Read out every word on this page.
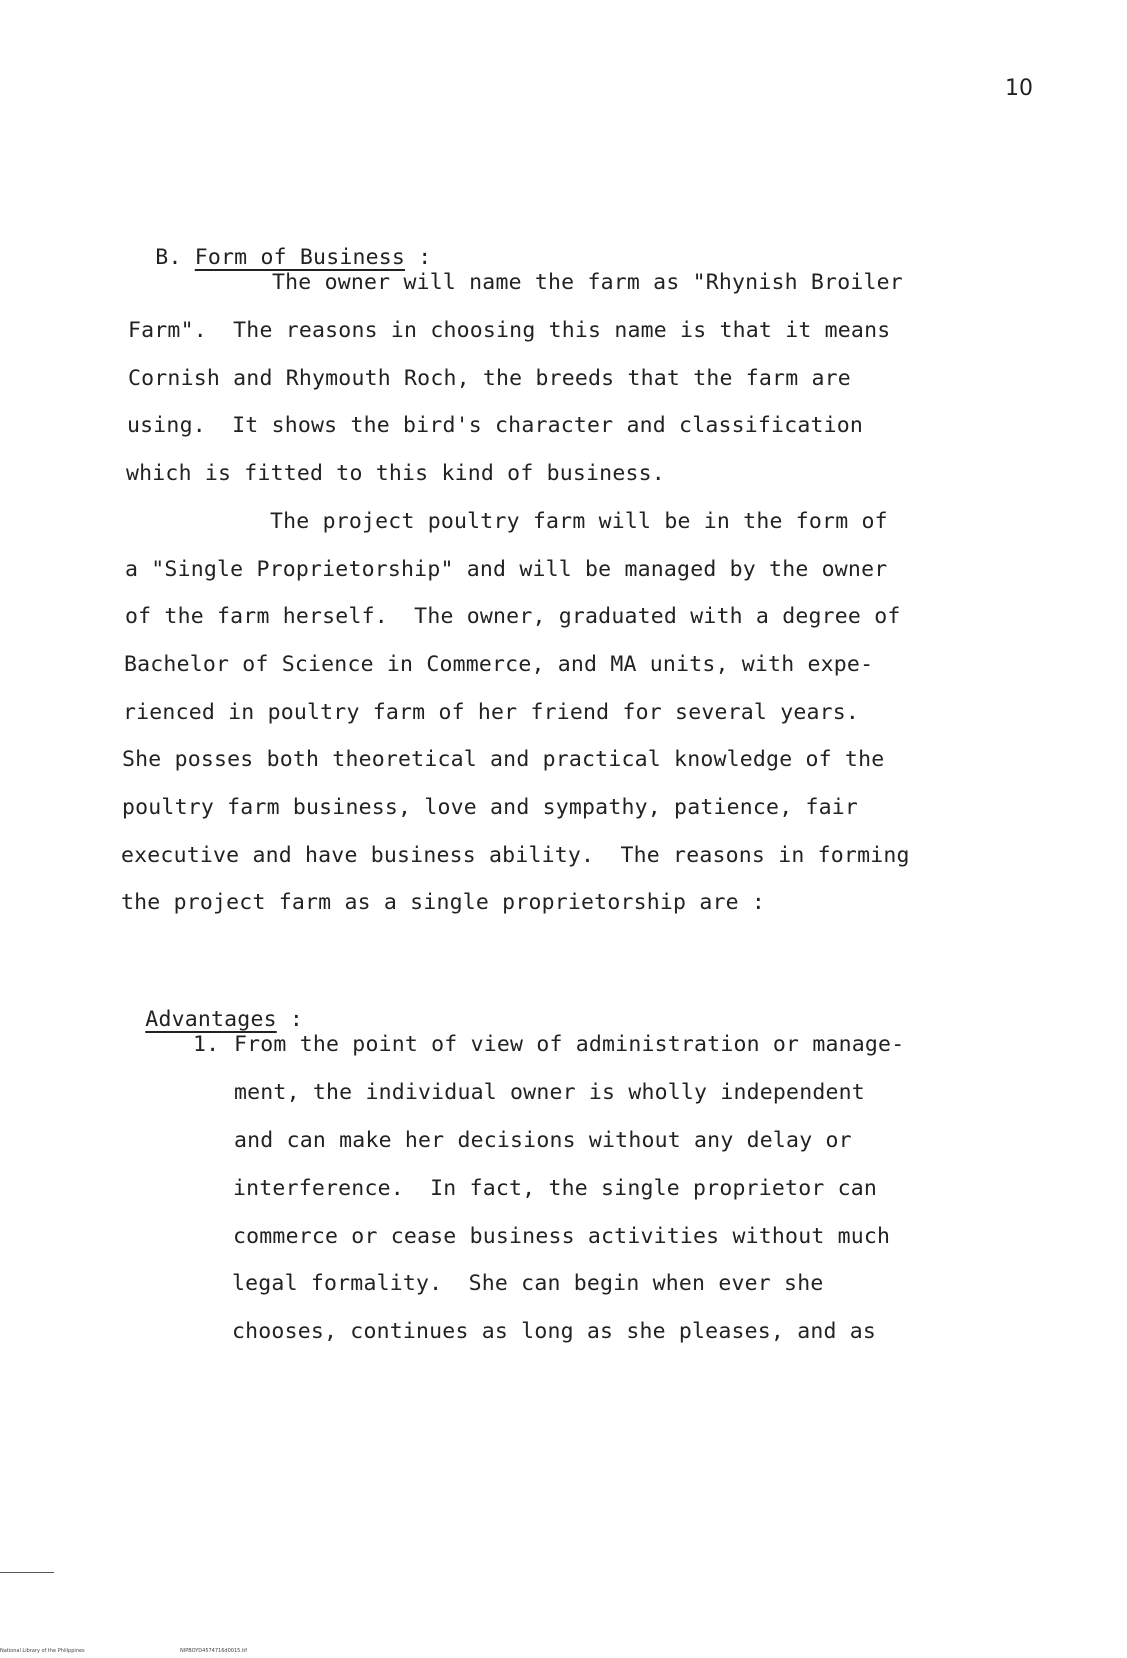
10

B. Form of Business :

The owner will name the farm as "Rhynish Broiler
Farm".  The reasons in choosing this name is that it means
Cornish and Rhymouth Roch, the breeds that the farm are
using.  It shows the bird's character and classification
which is fitted to this kind of business.
The project poultry farm will be in the form of
a "Single Proprietorship" and will be managed by the owner
of the farm herself.  The owner, graduated with a degree of
Bachelor of Science in Commerce, and MA units, with expe-
rienced in poultry farm of her friend for several years.
She posses both theoretical and practical knowledge of the
poultry farm business, love and sympathy, patience, fair
executive and have business ability.  The reasons in forming
the project farm as a single proprietorship are :

Advantages :

1. From the point of view of administration or manage-
ment, the individual owner is wholly independent
and can make her decisions without any delay or
interference.  In fact, the single proprietor can
commerce or cease business activities without much
legal formality.  She can begin when ever she
chooses, continues as long as she pleases, and as
National Library of the Philippines	NIPBOYD4574716d0015.tif
